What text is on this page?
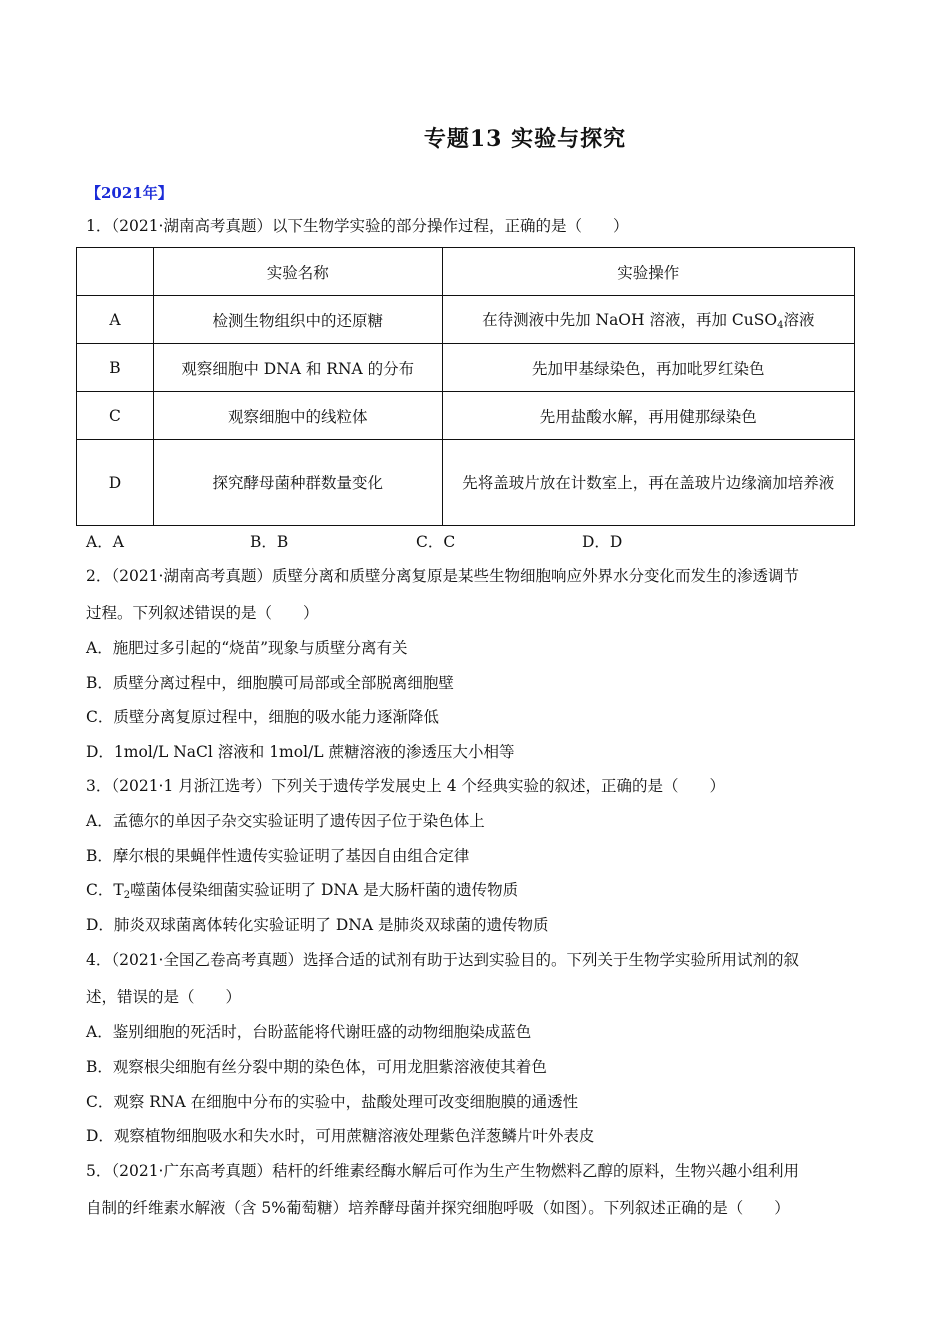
专题13 实验与探究
【2021年】
1．（2021·湖南高考真题）以下生物学实验的部分操作过程，正确的是（　　）
	实验名称	实验操作
A	检测生物组织中的还原糖	在待测液中先加 NaOH 溶液，再加 CuSO$_4$溶液
B	观察细胞中 DNA 和 RNA 的分布	先加甲基绿染色，再加吡罗红染色
C	观察细胞中的线粒体	先用盐酸水解，再用健那绿染色
D	探究酵母菌种群数量变化	先将盖玻片放在计数室上，再在盖玻片边缘滴加培养液
A．A	B．B	C．C	D．D
2．（2021·湖南高考真题）质壁分离和质壁分离复原是某些生物细胞响应外界水分变化而发生的渗透调节
过程。下列叙述错误的是（　　）
A．施肥过多引起的“烧苗”现象与质壁分离有关
B．质壁分离过程中，细胞膜可局部或全部脱离细胞壁
C．质壁分离复原过程中，细胞的吸水能力逐渐降低
D．1mol/L NaCl 溶液和 1mol/L 蔗糖溶液的渗透压大小相等
3．（2021·1 月浙江选考）下列关于遗传学发展史上 4 个经典实验的叙述，正确的是（　　）
A．孟德尔的单因子杂交实验证明了遗传因子位于染色体上
B．摩尔根的果蝇伴性遗传实验证明了基因自由组合定律
C．$T_2$噬菌体侵染细菌实验证明了 DNA 是大肠杆菌的遗传物质
D．肺炎双球菌离体转化实验证明了 DNA 是肺炎双球菌的遗传物质
4．（2021·全国乙卷高考真题）选择合适的试剂有助于达到实验目的。下列关于生物学实验所用试剂的叙
述，错误的是（　　）
A．鉴别细胞的死活时，台盼蓝能将代谢旺盛的动物细胞染成蓝色
B．观察根尖细胞有丝分裂中期的染色体，可用龙胆紫溶液使其着色
C．观察 RNA 在细胞中分布的实验中，盐酸处理可改变细胞膜的通透性
D．观察植物细胞吸水和失水时，可用蔗糖溶液处理紫色洋葱鳞片叶外表皮
5．（2021·广东高考真题）秸杆的纤维素经酶水解后可作为生产生物燃料乙醇的原料，生物兴趣小组利用
自制的纤维素水解液（含 5%葡萄糖）培养酵母菌并探究细胞呼吸（如图）。下列叙述正确的是（　　）
